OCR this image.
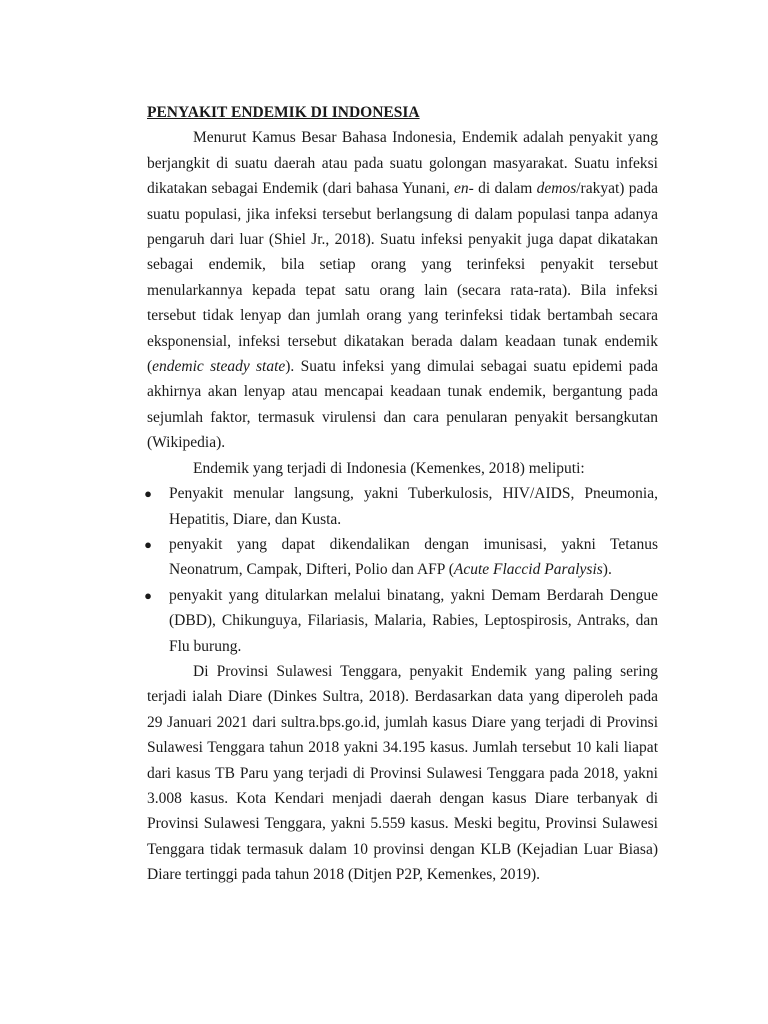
PENYAKIT ENDEMIK DI INDONESIA

Menurut Kamus Besar Bahasa Indonesia, Endemik adalah penyakit yang berjangkit di suatu daerah atau pada suatu golongan masyarakat. Suatu infeksi dikatakan sebagai Endemik (dari bahasa Yunani, en- di dalam demos/rakyat) pada suatu populasi, jika infeksi tersebut berlangsung di dalam populasi tanpa adanya pengaruh dari luar (Shiel Jr., 2018). Suatu infeksi penyakit juga dapat dikatakan sebagai endemik, bila setiap orang yang terinfeksi penyakit tersebut menularkannya kepada tepat satu orang lain (secara rata-rata). Bila infeksi tersebut tidak lenyap dan jumlah orang yang terinfeksi tidak bertambah secara eksponensial, infeksi tersebut dikatakan berada dalam keadaan tunak endemik (endemic steady state). Suatu infeksi yang dimulai sebagai suatu epidemi pada akhirnya akan lenyap atau mencapai keadaan tunak endemik, bergantung pada sejumlah faktor, termasuk virulensi dan cara penularan penyakit bersangkutan (Wikipedia).

Endemik yang terjadi di Indonesia (Kemenkes, 2018) meliputi:

● Penyakit menular langsung, yakni Tuberkulosis, HIV/AIDS, Pneumonia, Hepatitis, Diare, dan Kusta.
● penyakit yang dapat dikendalikan dengan imunisasi, yakni Tetanus Neonatrum, Campak, Difteri, Polio dan AFP (Acute Flaccid Paralysis).
● penyakit yang ditularkan melalui binatang, yakni Demam Berdarah Dengue (DBD), Chikunguya, Filariasis, Malaria, Rabies, Leptospirosis, Antraks, dan Flu burung.

Di Provinsi Sulawesi Tenggara, penyakit Endemik yang paling sering terjadi ialah Diare (Dinkes Sultra, 2018). Berdasarkan data yang diperoleh pada 29 Januari 2021 dari sultra.bps.go.id, jumlah kasus Diare yang terjadi di Provinsi Sulawesi Tenggara tahun 2018 yakni 34.195 kasus. Jumlah tersebut 10 kali liapat dari kasus TB Paru yang terjadi di Provinsi Sulawesi Tenggara pada 2018, yakni 3.008 kasus. Kota Kendari menjadi daerah dengan kasus Diare terbanyak di Provinsi Sulawesi Tenggara, yakni 5.559 kasus. Meski begitu, Provinsi Sulawesi Tenggara tidak termasuk dalam 10 provinsi dengan KLB (Kejadian Luar Biasa) Diare tertinggi pada tahun 2018 (Ditjen P2P, Kemenkes, 2019).
